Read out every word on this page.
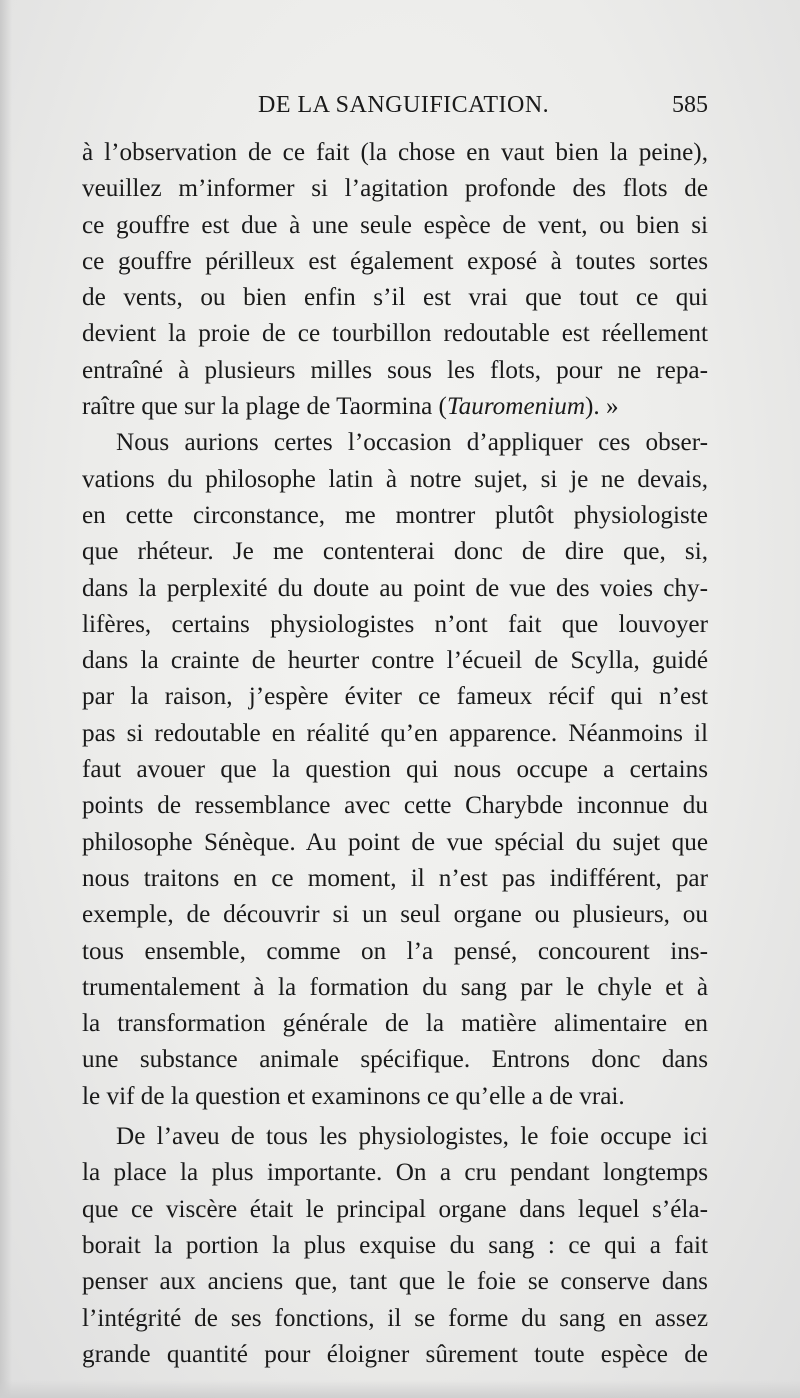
DE LA SANGUIFICATION.	585
à l’observation de ce fait (la chose en vaut bien la peine),
veuillez m’informer si l’agitation profonde des flots de
ce gouffre est due à une seule espèce de vent, ou bien si
ce gouffre périlleux est également exposé à toutes sortes
de vents, ou bien enfin s’il est vrai que tout ce qui
devient la proie de ce tourbillon redoutable est réellement
entraîné à plusieurs milles sous les flots, pour ne repa-
raître que sur la plage de Taormina (Tauromenium). »
Nous aurions certes l’occasion d’appliquer ces obser-
vations du philosophe latin à notre sujet, si je ne devais,
en cette circonstance, me montrer plutôt physiologiste
que rhéteur. Je me contenterai donc de dire que, si,
dans la perplexité du doute au point de vue des voies chy-
lifères, certains physiologistes n’ont fait que louvoyer
dans la crainte de heurter contre l’écueil de Scylla, guidé
par la raison, j’espère éviter ce fameux récif qui n’est
pas si redoutable en réalité qu’en apparence. Néanmoins il
faut avouer que la question qui nous occupe a certains
points de ressemblance avec cette Charybde inconnue du
philosophe Sénèque. Au point de vue spécial du sujet que
nous traitons en ce moment, il n’est pas indifférent, par
exemple, de découvrir si un seul organe ou plusieurs, ou
tous ensemble, comme on l’a pensé, concourent ins-
trumentalement à la formation du sang par le chyle et à
la transformation générale de la matière alimentaire en
une substance animale spécifique. Entrons donc dans
le vif de la question et examinons ce qu’elle a de vrai.
De l’aveu de tous les physiologistes, le foie occupe ici
la place la plus importante. On a cru pendant longtemps
que ce viscère était le principal organe dans lequel s’éla-
borait la portion la plus exquise du sang : ce qui a fait
penser aux anciens que, tant que le foie se conserve dans
l’intégrité de ses fonctions, il se forme du sang en assez
grande quantité pour éloigner sûrement toute espèce de
